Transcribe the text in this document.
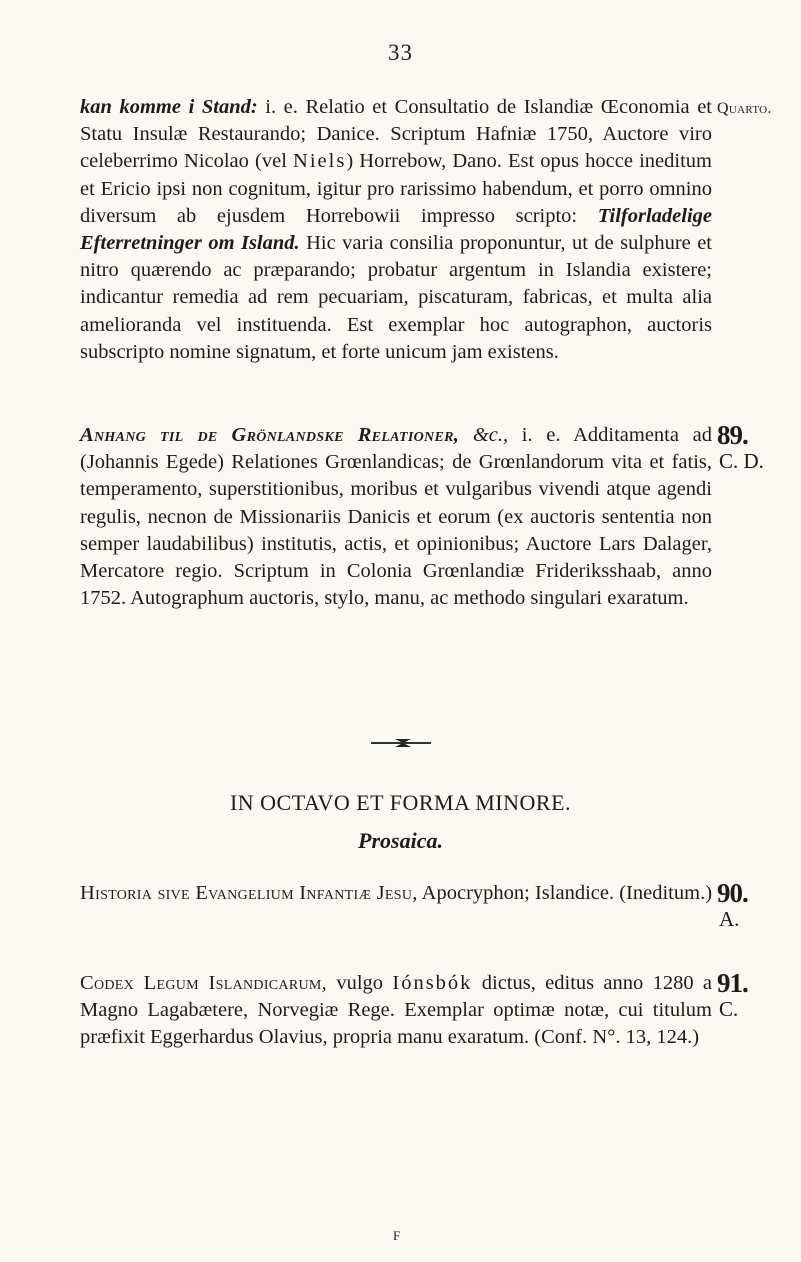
33

kan komme i Stand: i. e. Relatio et Consultatio de Islandiæ Œconomia et Statu Insulæ Restaurando; Danice. Scriptum Hafniæ 1750, Auctore viro celeberrimo Nicolao (vel Niels) Horrebow, Dano. Est opus hocce ineditum et Ericio ipsi non cognitum, igitur pro rarissimo habendum, et porro omnino diversum ab ejusdem Horrebowii impresso scripto: Tilforladelige Efterretninger om Island. Hic varia consilia proponuntur, ut de sulphure et nitro quærendo ac præparando; probatur argentum in Islandia existere; indicantur remedia ad rem pecuariam, piscaturam, fabricas, et multa alia amelioranda vel instituenda. Est exemplar hoc autographon, auctoris subscripto nomine signatum, et forte unicum jam existens.

Quarto.

Anhang til de Grönlandske Relationer, &c., i. e. Additamenta ad (Johannis Egede) Relationes Grœnlandicas; de Grœnlandorum vita et fatis, temperamento, superstitionibus, moribus et vulgaribus vivendi atque agendi regulis, necnon de Missionariis Danicis et eorum (ex auctoris sententia non semper laudabilibus) institutis, actis, et opinionibus; Auctore Lars Dalager, Mercatore regio. Scriptum in Colonia Grœnlandiæ Frideriksshaab, anno 1752. Autographum auctoris, stylo, manu, ac methodo singulari exaratum.

89.
C. D.
IN OCTAVO ET FORMA MINORE.
Prosaica.

Historia sive Evangelium Infantiæ Jesu, Apocryphon; Islandice. (Ineditum.) 90.
A.

Codex Legum Islandicarum, vulgo Iónsbók dictus, editus anno 1280 a Magno Lagabætere, Norvegiæ Rege. Exemplar optimæ notæ, cui titulum præfixit Eggerhardus Olavius, propria manu exaratum. (Conf. N°. 13, 124.)

91.
C.
F
